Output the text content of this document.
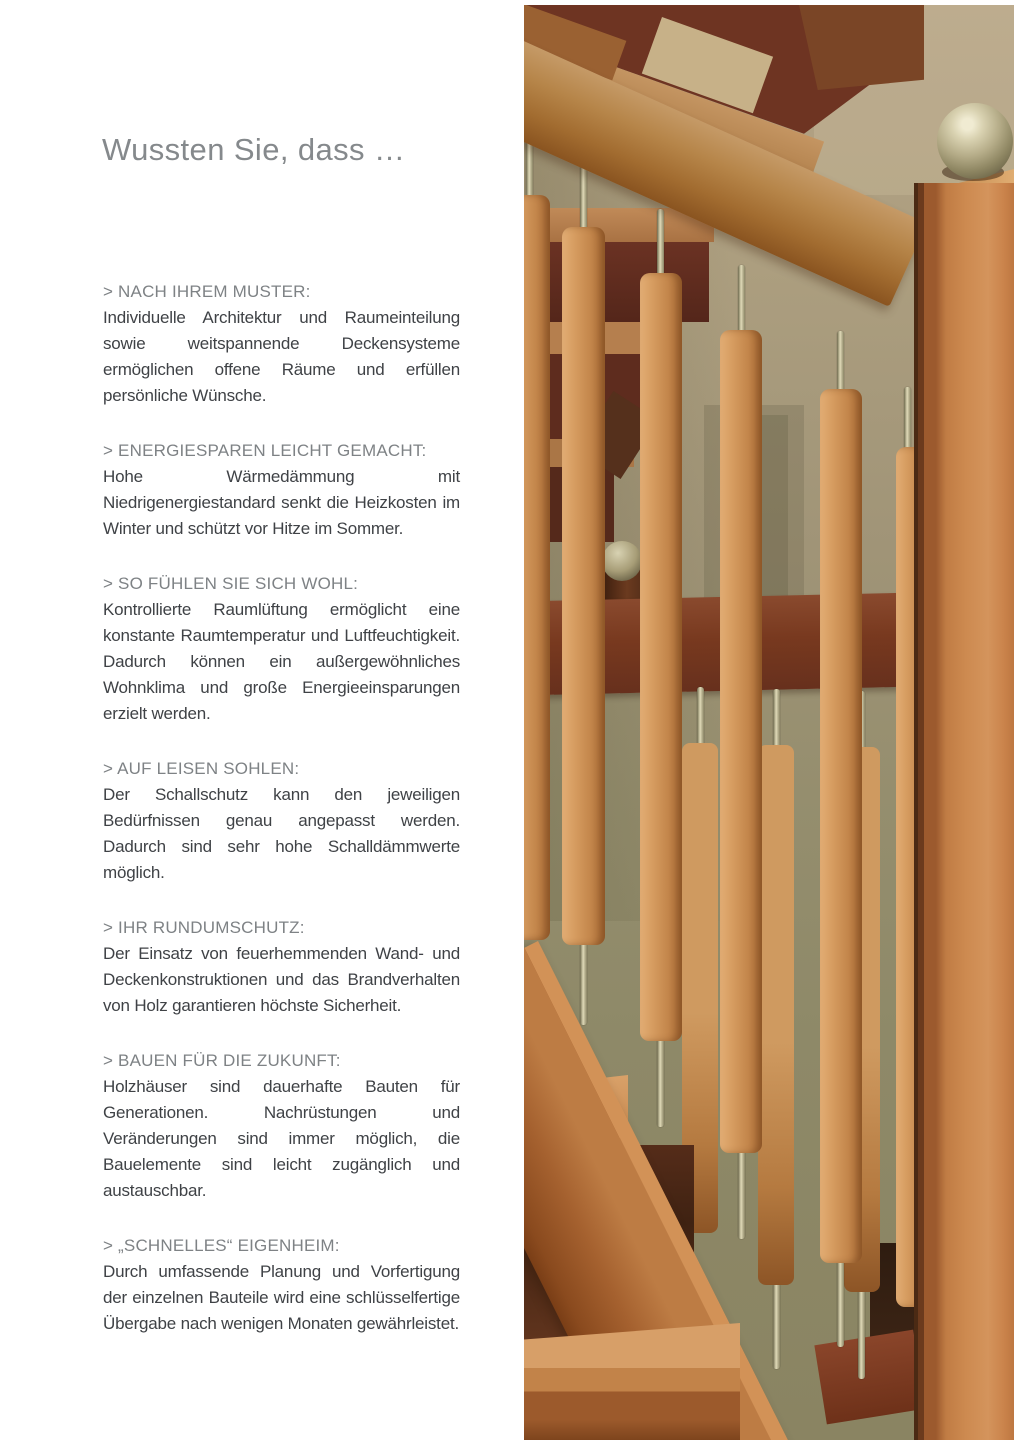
Wussten Sie, dass …
> NACH IHREM MUSTER:

Individuelle Architektur und Raumeinteilung sowie weitspannende Deckensysteme ermöglichen offene Räume und erfüllen persönliche Wünsche.

> ENERGIESPAREN LEICHT GEMACHT:

Hohe Wärmedämmung mit Niedrigenergiestandard senkt die Heizkosten im Winter und schützt vor Hitze im Sommer.

> SO FÜHLEN SIE SICH WOHL:

Kontrollierte Raumlüftung ermöglicht eine konstante Raumtemperatur und Luftfeuchtigkeit. Dadurch können ein außergewöhnliches Wohnklima und große Energieeinsparungen erzielt werden.

> AUF LEISEN SOHLEN:

Der Schallschutz kann den jeweiligen Bedürfnissen genau angepasst werden. Dadurch sind sehr hohe Schalldämmwerte möglich.

> IHR RUNDUMSCHUTZ:

Der Einsatz von feuerhemmenden Wand- und Deckenkonstruktionen und das Brandverhalten von Holz garantieren höchste Sicherheit.

> BAUEN FÜR DIE ZUKUNFT:

Holzhäuser sind dauerhafte Bauten für Generationen. Nachrüstungen und Veränderungen sind immer möglich, die Bauelemente sind leicht zugänglich und austauschbar.

> „SCHNELLES“ EIGENHEIM:

Durch umfassende Planung und Vorfertigung der einzelnen Bauteile wird eine schlüsselfertige Übergabe nach wenigen Monaten gewährleistet.
